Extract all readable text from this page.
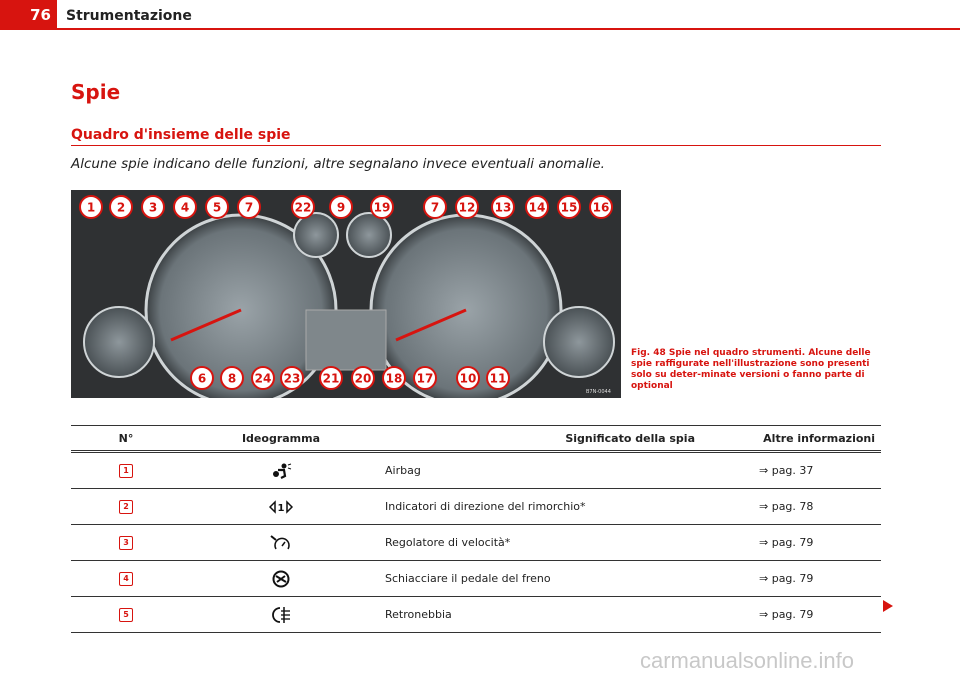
76	Strumentazione
Spie
Quadro d'insieme delle spie
Alcune spie indicano delle funzioni, altre segnalano invece eventuali anomalie.
1 2 3 4 5 7	22 9 19	7 12 13 14 15 16
6 8 24 23 21 20 18 17 10 11
B7N-0044
Fig. 48 Spie nel quadro strumenti. Alcune delle spie raffigurate nell'illustrazione sono presenti solo su deter-minate versioni o fanno parte di optional
N°	Ideogramma	Significato della spia	Altre informazioni
1		Airbag	⇒ pag. 37
2	1	Indicatori di direzione del rimorchio*	⇒ pag. 78
3		Regolatore di velocità*	⇒ pag. 79
4		Schiacciare il pedale del freno	⇒ pag. 79
5		Retronebbia	⇒ pag. 79
carmanualsonline.info
